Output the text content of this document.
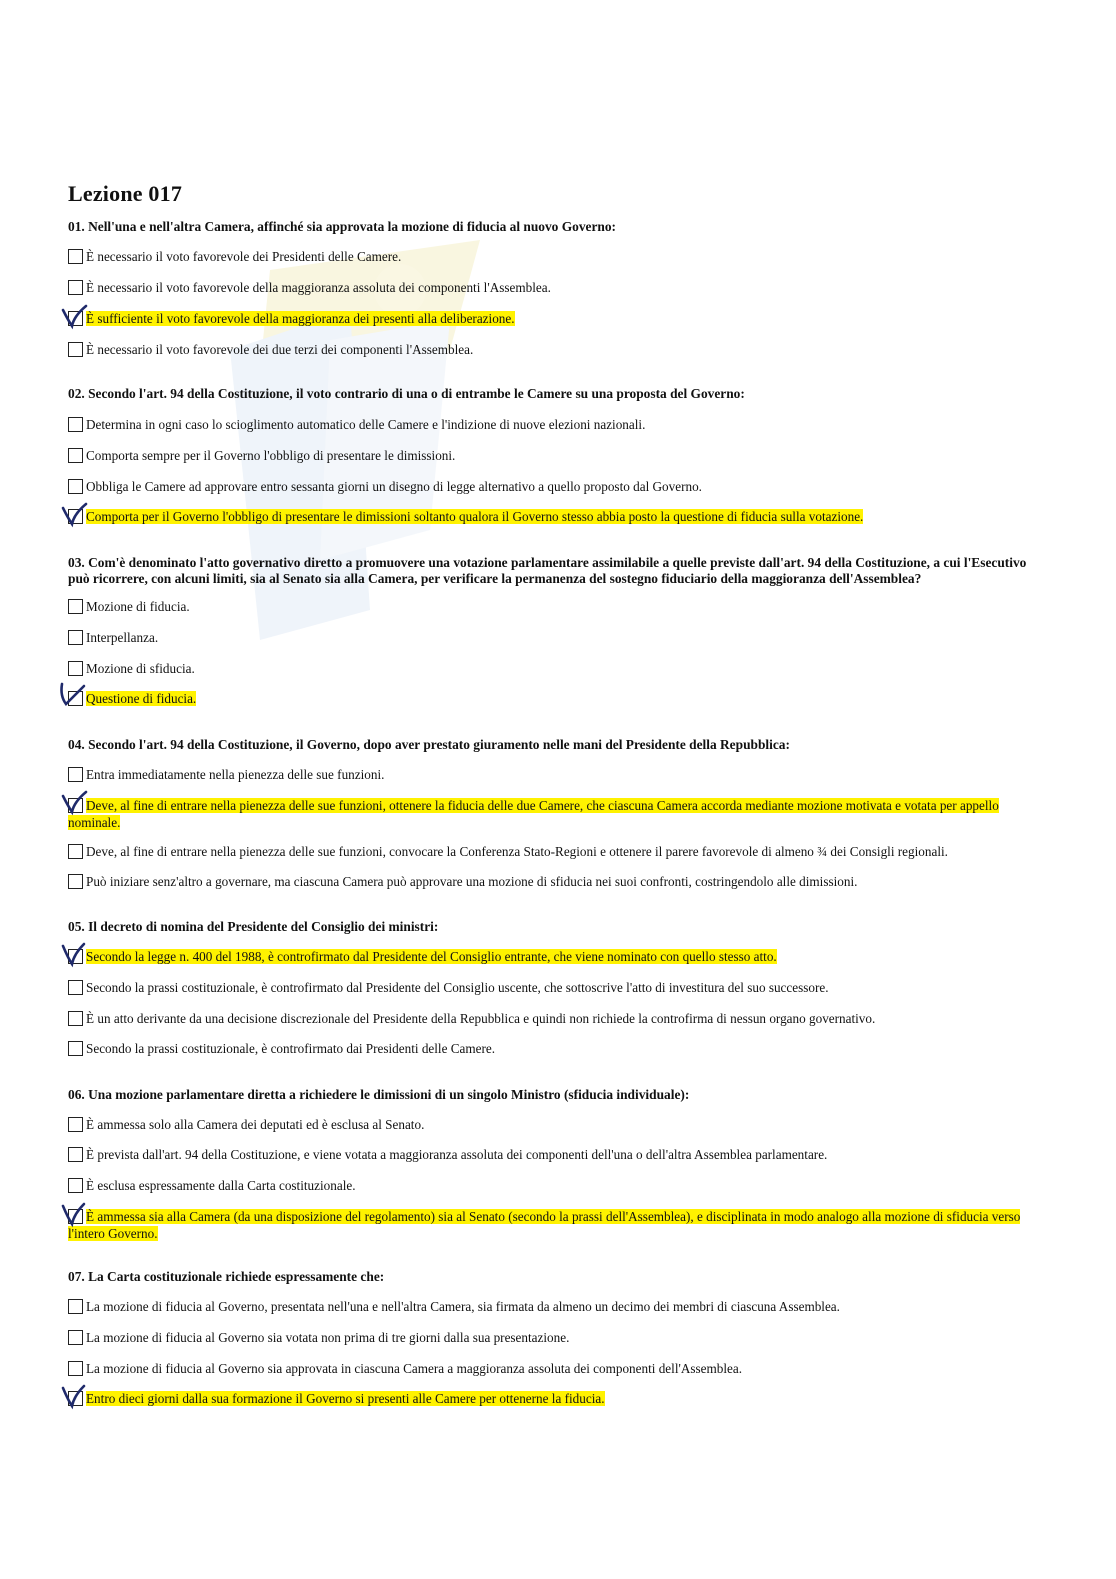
Lezione 017

01. Nell'una e nell'altra Camera, affinché sia approvata la mozione di fiducia al nuovo Governo:

È necessario il voto favorevole dei Presidenti delle Camere.

È necessario il voto favorevole della maggioranza assoluta dei componenti l'Assemblea.

È sufficiente il voto favorevole della maggioranza dei presenti alla deliberazione.

È necessario il voto favorevole dei due terzi dei componenti l'Assemblea.

02. Secondo l'art. 94 della Costituzione, il voto contrario di una o di entrambe le Camere su una proposta del Governo:

Determina in ogni caso lo scioglimento automatico delle Camere e l'indizione di nuove elezioni nazionali.

Comporta sempre per il Governo l'obbligo di presentare le dimissioni.

Obbliga le Camere ad approvare entro sessanta giorni un disegno di legge alternativo a quello proposto dal Governo.

Comporta per il Governo l'obbligo di presentare le dimissioni soltanto qualora il Governo stesso abbia posto la questione di fiducia sulla votazione.

03. Com'è denominato l'atto governativo diretto a promuovere una votazione parlamentare assimilabile a quelle previste dall'art. 94 della Costituzione, a cui l'Esecutivo può ricorrere, con alcuni limiti, sia al Senato sia alla Camera, per verificare la permanenza del sostegno fiduciario della maggioranza dell'Assemblea?

Mozione di fiducia.

Interpellanza.

Mozione di sfiducia.

Questione di fiducia.

04. Secondo l'art. 94 della Costituzione, il Governo, dopo aver prestato giuramento nelle mani del Presidente della Repubblica:

Entra immediatamente nella pienezza delle sue funzioni.

Deve, al fine di entrare nella pienezza delle sue funzioni, ottenere la fiducia delle due Camere, che ciascuna Camera accorda mediante mozione motivata e votata per appello nominale.

Deve, al fine di entrare nella pienezza delle sue funzioni, convocare la Conferenza Stato-Regioni e ottenere il parere favorevole di almeno ¾ dei Consigli regionali.

Può iniziare senz'altro a governare, ma ciascuna Camera può approvare una mozione di sfiducia nei suoi confronti, costringendolo alle dimissioni.

05. Il decreto di nomina del Presidente del Consiglio dei ministri:

Secondo la legge n. 400 del 1988, è controfirmato dal Presidente del Consiglio entrante, che viene nominato con quello stesso atto.

Secondo la prassi costituzionale, è controfirmato dal Presidente del Consiglio uscente, che sottoscrive l'atto di investitura del suo successore.

È un atto derivante da una decisione discrezionale del Presidente della Repubblica e quindi non richiede la controfirma di nessun organo governativo.

Secondo la prassi costituzionale, è controfirmato dai Presidenti delle Camere.

06. Una mozione parlamentare diretta a richiedere le dimissioni di un singolo Ministro (sfiducia individuale):

È ammessa solo alla Camera dei deputati ed è esclusa al Senato.

È prevista dall'art. 94 della Costituzione, e viene votata a maggioranza assoluta dei componenti dell'una o dell'altra Assemblea parlamentare.

È esclusa espressamente dalla Carta costituzionale.

È ammessa sia alla Camera (da una disposizione del regolamento) sia al Senato (secondo la prassi dell'Assemblea), e disciplinata in modo analogo alla mozione di sfiducia verso l'intero Governo.

07. La Carta costituzionale richiede espressamente che:

La mozione di fiducia al Governo, presentata nell'una e nell'altra Camera, sia firmata da almeno un decimo dei membri di ciascuna Assemblea.

La mozione di fiducia al Governo sia votata non prima di tre giorni dalla sua presentazione.

La mozione di fiducia al Governo sia approvata in ciascuna Camera a maggioranza assoluta dei componenti dell'Assemblea.

Entro dieci giorni dalla sua formazione il Governo si presenti alle Camere per ottenerne la fiducia.
